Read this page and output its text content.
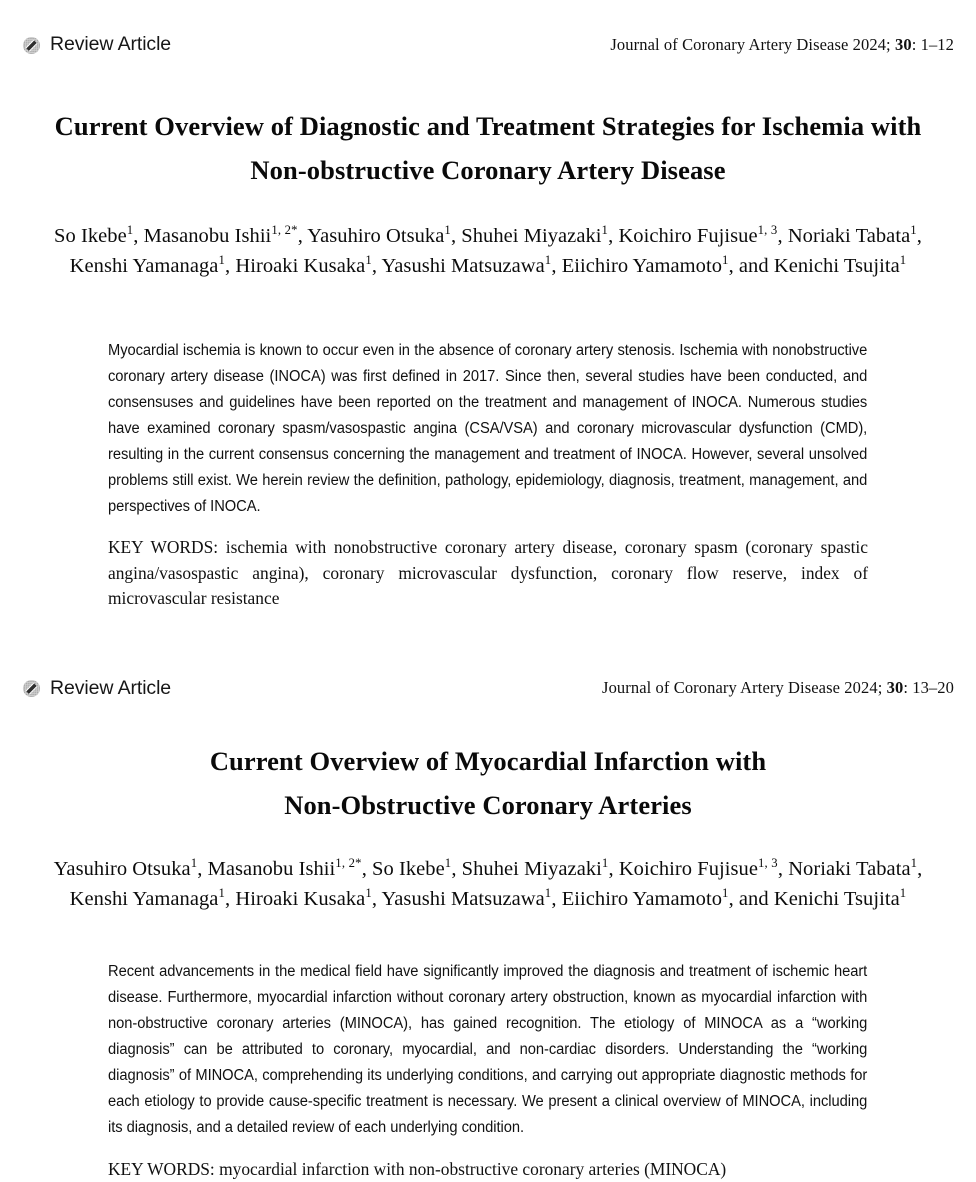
Review Article	Journal of Coronary Artery Disease 2024; 30: 1–12
Current Overview of Diagnostic and Treatment Strategies for Ischemia with
Non-obstructive Coronary Artery Disease
So Ikebe$^1$, Masanobu Ishii$^{1, 2*}$, Yasuhiro Otsuka$^1$, Shuhei Miyazaki$^1$, Koichiro Fujisue$^{1, 3}$, Noriaki Tabata$^1$,
Kenshi Yamanaga$^1$, Hiroaki Kusaka$^1$, Yasushi Matsuzawa$^1$, Eiichiro Yamamoto$^1$, and Kenichi Tsujita$^1$

Myocardial ischemia is known to occur even in the absence of coronary artery stenosis. Ischemia with nonobstructive coronary artery disease (INOCA) was first defined in 2017. Since then, several studies have been conducted, and consensuses and guidelines have been reported on the treatment and management of INOCA. Numerous studies have examined coronary spasm/vasospastic angina (CSA/VSA) and coronary microvascular dysfunction (CMD), resulting in the current consensus concerning the management and treatment of INOCA. However, several unsolved problems still exist. We herein review the definition, pathology, epidemiology, diagnosis, treatment, management, and perspectives of INOCA.

KEY WORDS: ischemia with nonobstructive coronary artery disease, coronary spasm (coronary spastic angina/vasospastic angina), coronary microvascular dysfunction, coronary flow reserve, index of microvascular resistance

Review Article	Journal of Coronary Artery Disease 2024; 30: 13–20
Current Overview of Myocardial Infarction with
Non-Obstructive Coronary Arteries
Yasuhiro Otsuka$^1$, Masanobu Ishii$^{1, 2*}$, So Ikebe$^1$, Shuhei Miyazaki$^1$, Koichiro Fujisue$^{1, 3}$, Noriaki Tabata$^1$,
Kenshi Yamanaga$^1$, Hiroaki Kusaka$^1$, Yasushi Matsuzawa$^1$, Eiichiro Yamamoto$^1$, and Kenichi Tsujita$^1$

Recent advancements in the medical field have significantly improved the diagnosis and treatment of ischemic heart disease. Furthermore, myocardial infarction without coronary artery obstruction, known as myocardial infarction with non-obstructive coronary arteries (MINOCA), has gained recognition. The etiology of MINOCA as a “working diagnosis” can be attributed to coronary, myocardial, and non-cardiac disorders. Understanding the “working diagnosis” of MINOCA, comprehending its underlying conditions, and carrying out appropriate diagnostic methods for each etiology to provide cause-specific treatment is necessary. We present a clinical overview of MINOCA, including its diagnosis, and a detailed review of each underlying condition.

KEY WORDS: myocardial infarction with non-obstructive coronary arteries (MINOCA)
